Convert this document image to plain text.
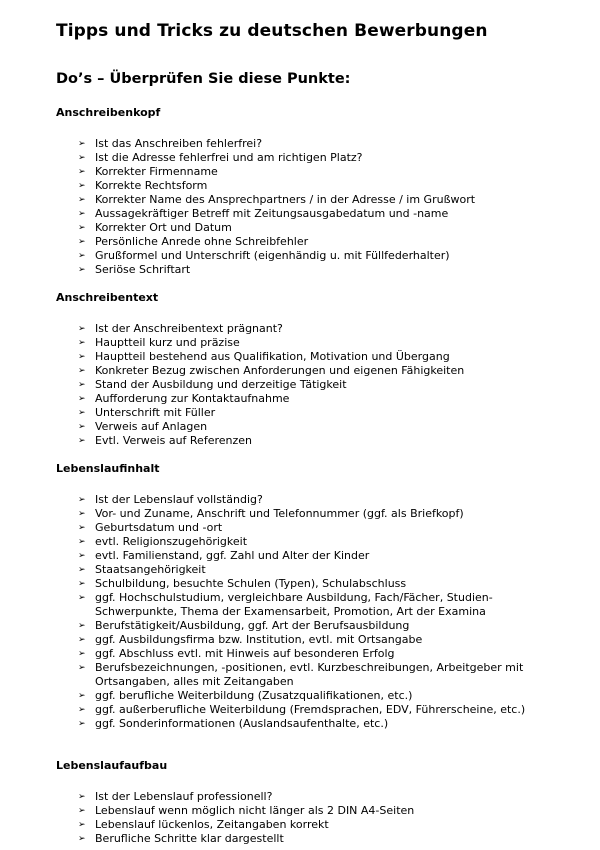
Tipps und Tricks zu deutschen Bewerbungen
Do’s – Überprüfen Sie diese Punkte:
Anschreibenkopf
➢ Ist das Anschreiben fehlerfrei?
➢ Ist die Adresse fehlerfrei und am richtigen Platz?
➢ Korrekter Firmenname
➢ Korrekte Rechtsform
➢ Korrekter Name des Ansprechpartners / in der Adresse / im Grußwort
➢ Aussagekräftiger Betreff mit Zeitungsausgabedatum und -name
➢ Korrekter Ort und Datum
➢ Persönliche Anrede ohne Schreibfehler
➢ Grußformel und Unterschrift (eigenhändig u. mit Füllfederhalter)
➢ Seriöse Schriftart
Anschreibentext
➢ Ist der Anschreibentext prägnant?
➢ Hauptteil kurz und präzise
➢ Hauptteil bestehend aus Qualifikation, Motivation und Übergang
➢ Konkreter Bezug zwischen Anforderungen und eigenen Fähigkeiten
➢ Stand der Ausbildung und derzeitige Tätigkeit
➢ Aufforderung zur Kontaktaufnahme
➢ Unterschrift mit Füller
➢ Verweis auf Anlagen
➢ Evtl. Verweis auf Referenzen
Lebenslaufinhalt
➢ Ist der Lebenslauf vollständig?
➢ Vor- und Zuname, Anschrift und Telefonnummer (ggf. als Briefkopf)
➢ Geburtsdatum und -ort
➢ evtl. Religionszugehörigkeit
➢ evtl. Familienstand, ggf. Zahl und Alter der Kinder
➢ Staatsangehörigkeit
➢ Schulbildung, besuchte Schulen (Typen), Schulabschluss
➢ ggf. Hochschulstudium, vergleichbare Ausbildung, Fach/Fächer, Studien-Schwerpunkte, Thema der Examensarbeit, Promotion, Art der Examina
➢ Berufstätigkeit/Ausbildung, ggf. Art der Berufsausbildung
➢ ggf. Ausbildungsfirma bzw. Institution, evtl. mit Ortsangabe
➢ ggf. Abschluss evtl. mit Hinweis auf besonderen Erfolg
➢ Berufsbezeichnungen, -positionen, evtl. Kurzbeschreibungen, Arbeitgeber mit Ortsangaben, alles mit Zeitangaben
➢ ggf. berufliche Weiterbildung (Zusatzqualifikationen, etc.)
➢ ggf. außerberufliche Weiterbildung (Fremdsprachen, EDV, Führerscheine, etc.)
➢ ggf. Sonderinformationen (Auslandsaufenthalte, etc.)
Lebenslaufaufbau
➢ Ist der Lebenslauf professionell?
➢ Lebenslauf wenn möglich nicht länger als 2 DIN A4-Seiten
➢ Lebenslauf lückenlos, Zeitangaben korrekt
➢ Berufliche Schritte klar dargestellt
